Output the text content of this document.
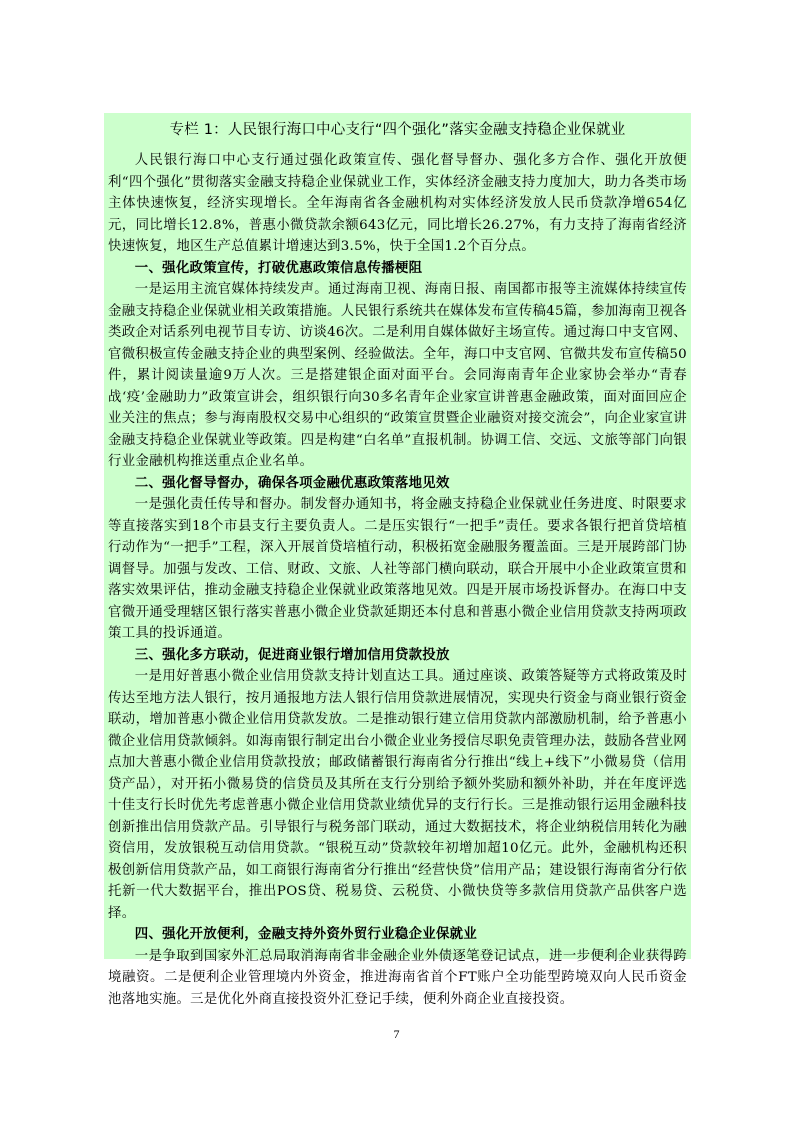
专栏 1：人民银行海口中心支行“四个强化”落实金融支持稳企业保就业

人民银行海口中心支行通过强化政策宣传、强化督导督办、强化多方合作、强化开放便利“四个强化”贯彻落实金融支持稳企业保就业工作，实体经济金融支持力度加大，助力各类市场主体快速恢复，经济实现增长。全年海南省各金融机构对实体经济发放人民币贷款净增654亿元，同比增长12.8%，普惠小微贷款余额643亿元，同比增长26.27%，有力支持了海南省经济快速恢复，地区生产总值累计增速达到3.5%，快于全国1.2个百分点。

一、强化政策宣传，打破优惠政策信息传播梗阻

一是运用主流官媒体持续发声。通过海南卫视、海南日报、南国都市报等主流媒体持续宣传金融支持稳企业保就业相关政策措施。人民银行系统共在媒体发布宣传稿45篇，参加海南卫视各类政企对话系列电视节目专访、访谈46次。二是利用自媒体做好主场宣传。通过海口中支官网、官微积极宣传金融支持企业的典型案例、经验做法。全年，海口中支官网、官微共发布宣传稿50件，累计阅读量逾9万人次。三是搭建银企面对面平台。会同海南青年企业家协会举办“青春战‘疫’金融助力”政策宣讲会，组织银行向30多名青年企业家宣讲普惠金融政策，面对面回应企业关注的焦点；参与海南股权交易中心组织的“政策宣贯暨企业融资对接交流会”，向企业家宣讲金融支持稳企业保就业等政策。四是构建“白名单”直报机制。协调工信、交远、文旅等部门向银行业金融机构推送重点企业名单。

二、强化督导督办，确保各项金融优惠政策落地见效

一是强化责任传导和督办。制发督办通知书，将金融支持稳企业保就业任务进度、时限要求等直接落实到18个市县支行主要负责人。二是压实银行“一把手”责任。要求各银行把首贷培植行动作为“一把手”工程，深入开展首贷培植行动，积极拓宽金融服务覆盖面。三是开展跨部门协调督导。加强与发改、工信、财政、文旅、人社等部门横向联动，联合开展中小企业政策宣贯和落实效果评估，推动金融支持稳企业保就业政策落地见效。四是开展市场投诉督办。在海口中支官微开通受理辖区银行落实普惠小微企业贷款延期还本付息和普惠小微企业信用贷款支持两项政策工具的投诉通道。

三、强化多方联动，促进商业银行增加信用贷款投放

一是用好普惠小微企业信用贷款支持计划直达工具。通过座谈、政策答疑等方式将政策及时传达至地方法人银行，按月通报地方法人银行信用贷款进展情况，实现央行资金与商业银行资金联动，增加普惠小微企业信用贷款发放。二是推动银行建立信用贷款内部激励机制，给予普惠小微企业信用贷款倾斜。如海南银行制定出台小微企业业务授信尽职免责管理办法，鼓励各营业网点加大普惠小微企业信用贷款投放；邮政储蓄银行海南省分行推出“线上+线下”小微易贷（信用贷产品），对开拓小微易贷的信贷员及其所在支行分别给予额外奖励和额外补助，并在年度评选十佳支行长时优先考虑普惠小微企业信用贷款业绩优异的支行行长。三是推动银行运用金融科技创新推出信用贷款产品。引导银行与税务部门联动，通过大数据技术，将企业纳税信用转化为融资信用，发放银税互动信用贷款。“银税互动”贷款较年初增加超10亿元。此外，金融机构还积极创新信用贷款产品，如工商银行海南省分行推出“经营快贷”信用产品；建设银行海南省分行依托新一代大数据平台，推出POS贷、税易贷、云税贷、小微快贷等多款信用贷款产品供客户选择。

四、强化开放便利，金融支持外资外贸行业稳企业保就业

一是争取到国家外汇总局取消海南省非金融企业外债逐笔登记试点，进一步便利企业获得跨境融资。二是便利企业管理境内外资金，推进海南省首个FT账户全功能型跨境双向人民币资金池落地实施。三是优化外商直接投资外汇登记手续，便利外商企业直接投资。

7
